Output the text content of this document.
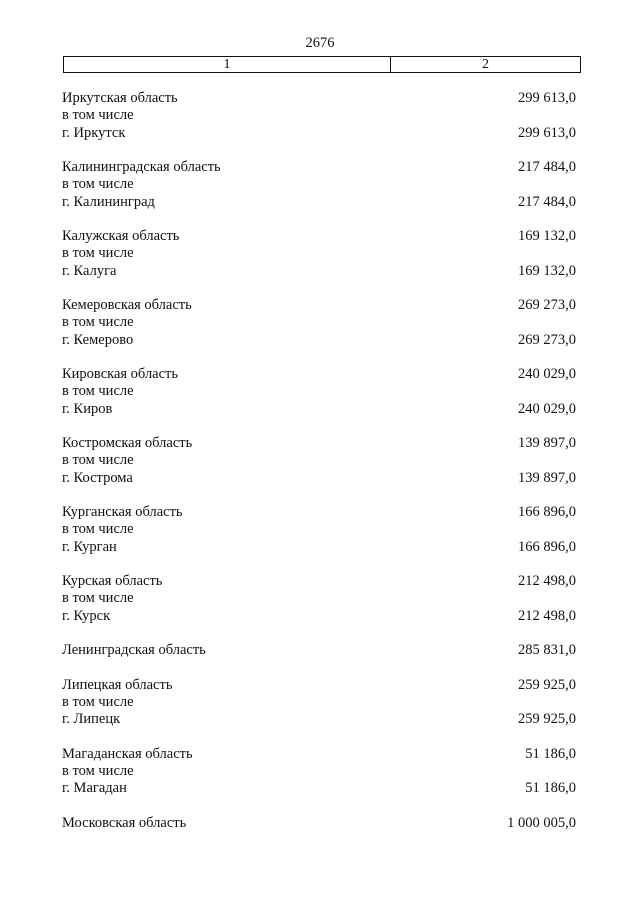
2676
1	2
Иркутская область	299 613,0
в том числе
г. Иркутск	299 613,0
Калининградская область	217 484,0
в том числе
г. Калининград	217 484,0
Калужская область	169 132,0
в том числе
г. Калуга	169 132,0
Кемеровская область	269 273,0
в том числе
г. Кемерово	269 273,0
Кировская область	240 029,0
в том числе
г. Киров	240 029,0
Костромская область	139 897,0
в том числе
г. Кострома	139 897,0
Курганская область	166 896,0
в том числе
г. Курган	166 896,0
Курская область	212 498,0
в том числе
г. Курск	212 498,0
Ленинградская область	285 831,0
Липецкая область	259 925,0
в том числе
г. Липецк	259 925,0
Магаданская область	51 186,0
в том числе
г. Магадан	51 186,0
Московская область	1 000 005,0
